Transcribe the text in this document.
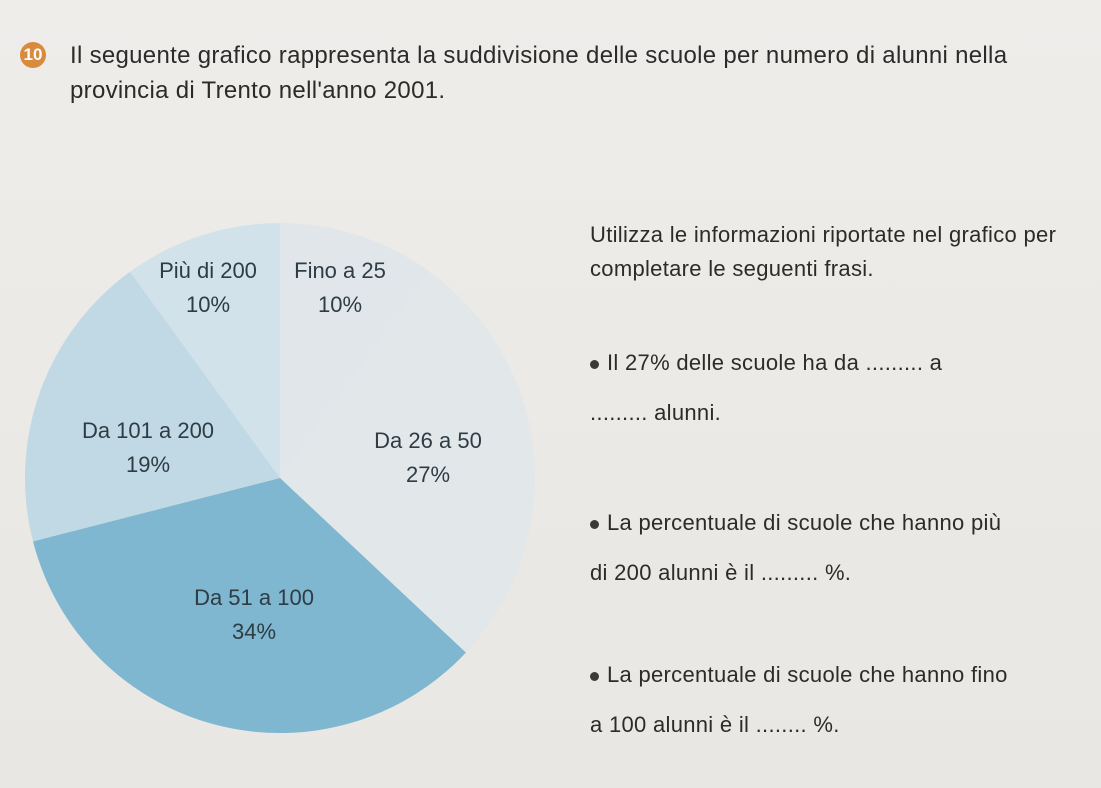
10 Il seguente grafico rappresenta la suddivisione delle scuole per numero di alunni nella provincia di Trento nell'anno 2001.
Fino a 25
10%
Da 26 a 50
27%
Da 51 a 100
34%
Da 101 a 200
19%
Più di 200
10%
Utilizza le informazioni riportate nel grafico per completare le seguenti frasi.
Il 27% delle scuole ha da ......... a
......... alunni.
La percentuale di scuole che hanno più
di 200 alunni è il ......... %.
La percentuale di scuole che hanno fino
a 100 alunni è il ........ %.
